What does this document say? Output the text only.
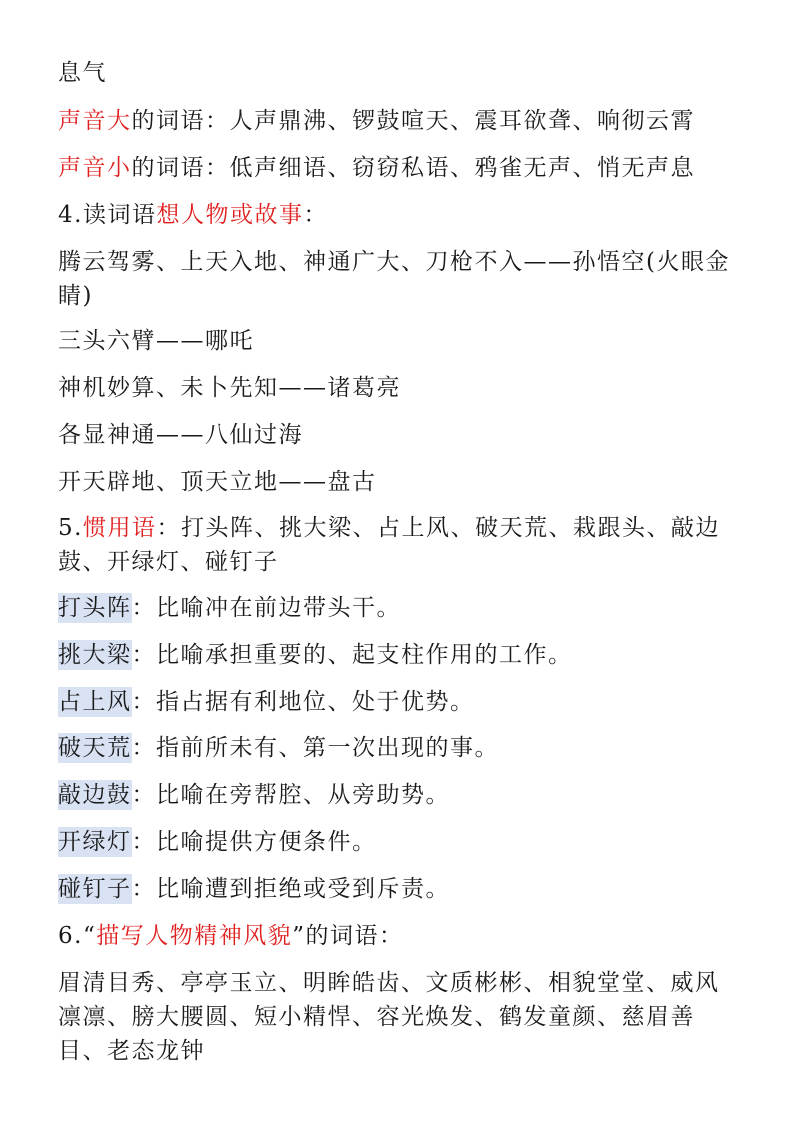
息气
声音大的词语：人声鼎沸、锣鼓喧天、震耳欲聋、响彻云霄
声音小的词语：低声细语、窃窃私语、鸦雀无声、悄无声息
4.读词语想人物或故事：
腾云驾雾、上天入地、神通广大、刀枪不入——孙悟空(火眼金睛)
三头六臂——哪吒
神机妙算、未卜先知——诸葛亮
各显神通——八仙过海
开天辟地、顶天立地——盘古
5.惯用语：打头阵、挑大梁、占上风、破天荒、栽跟头、敲边鼓、开绿灯、碰钉子
打头阵：比喻冲在前边带头干。
挑大梁：比喻承担重要的、起支柱作用的工作。
占上风：指占据有利地位、处于优势。
破天荒：指前所未有、第一次出现的事。
敲边鼓：比喻在旁帮腔、从旁助势。
开绿灯：比喻提供方便条件。
碰钉子：比喻遭到拒绝或受到斥责。
6.“描写人物精神风貌”的词语：
眉清目秀、亭亭玉立、明眸皓齿、文质彬彬、相貌堂堂、威风凛凛、膀大腰圆、短小精悍、容光焕发、鹤发童颜、慈眉善目、老态龙钟
